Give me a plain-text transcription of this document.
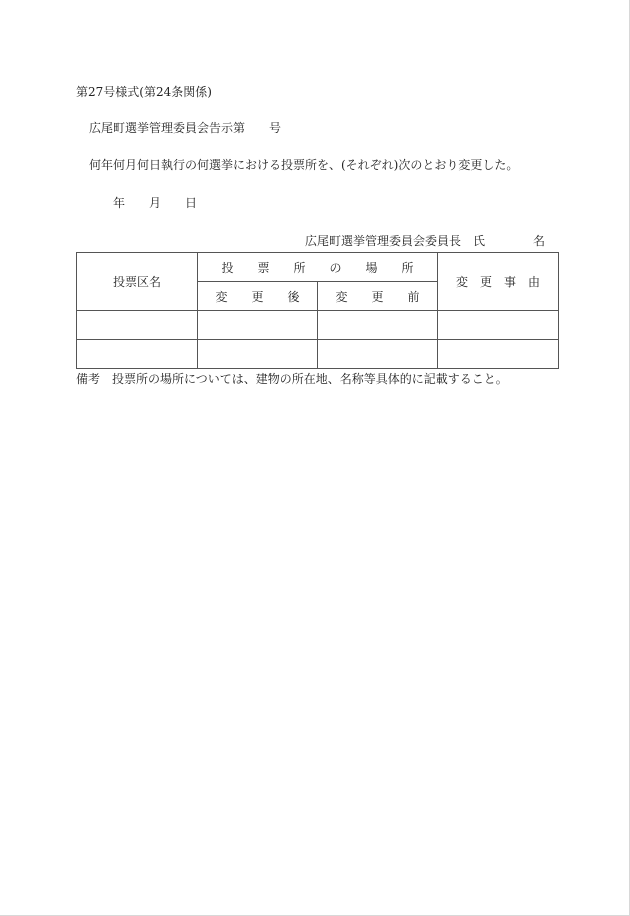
第27号様式(第24条関係)
広尾町選挙管理委員会告示第　　号
何年何月何日執行の何選挙における投票所を、(それぞれ)次のとおり変更した。
年　　月　　日
広尾町選挙管理委員会委員長　氏　　　　名
投票区名	投　　票　　所　　の　　場　　所		変　更　事　由
	変　　更　　後	変　　更　　前	

備考　投票所の場所については、建物の所在地、名称等具体的に記載すること。
